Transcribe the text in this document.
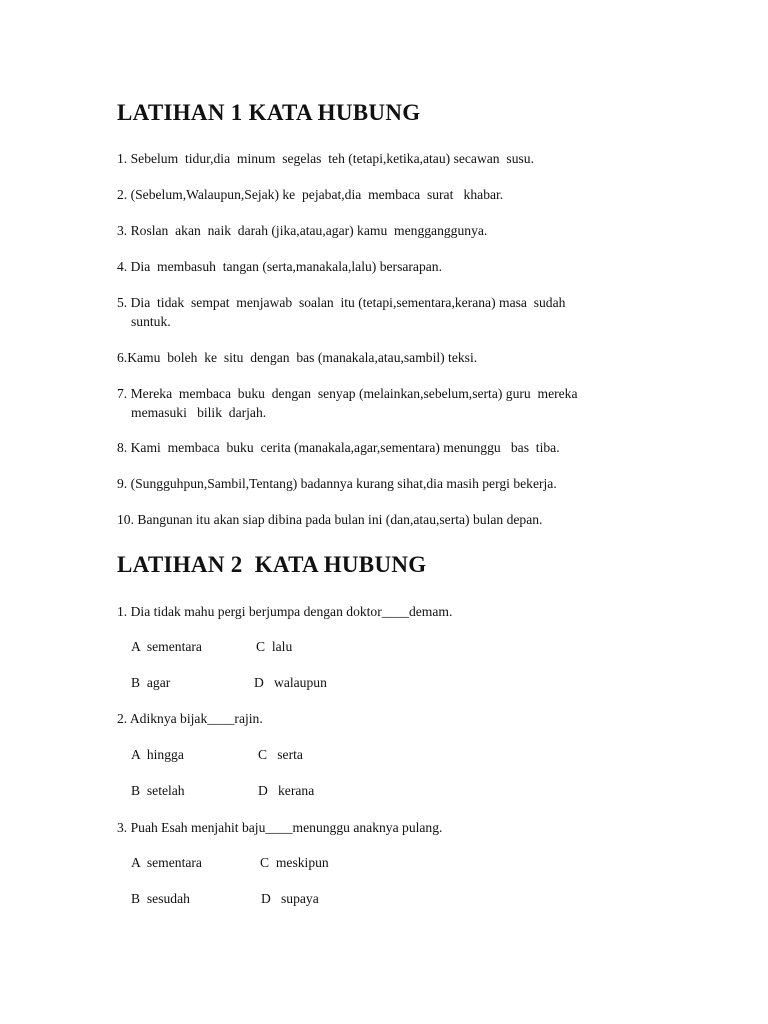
LATIHAN 1 KATA HUBUNG

1. Sebelum  tidur,dia  minum  segelas  teh (tetapi,ketika,atau) secawan  susu.

2. (Sebelum,Walaupun,Sejak) ke  pejabat,dia  membaca  surat   khabar.

3. Roslan  akan  naik  darah (jika,atau,agar) kamu  mengganggunya.

4. Dia  membasuh  tangan (serta,manakala,lalu) bersarapan.

5. Dia  tidak  sempat  menjawab  soalan  itu (tetapi,sementara,kerana) masa  sudah

suntuk.

6.Kamu  boleh  ke  situ  dengan  bas (manakala,atau,sambil) teksi.

7. Mereka  membaca  buku  dengan  senyap (melainkan,sebelum,serta) guru  mereka

memasuki   bilik  darjah.

8. Kami  membaca  buku  cerita (manakala,agar,sementara) menunggu   bas  tiba.

9. (Sungguhpun,Sambil,Tentang) badannya kurang sihat,dia masih pergi bekerja.

10. Bangunan itu akan siap dibina pada bulan ini (dan,atau,serta) bulan depan.

LATIHAN 2  KATA HUBUNG

1. Dia tidak mahu pergi berjumpa dengan doktor____demam.

A  sementara	C  lalu
B  agar	D   walaupun

2. Adiknya bijak____rajin.

A  hingga	C   serta
B  setelah	D   kerana

3. Puah Esah menjahit baju____menunggu anaknya pulang.

A  sementara	C  meskipun
B  sesudah	D   supaya
